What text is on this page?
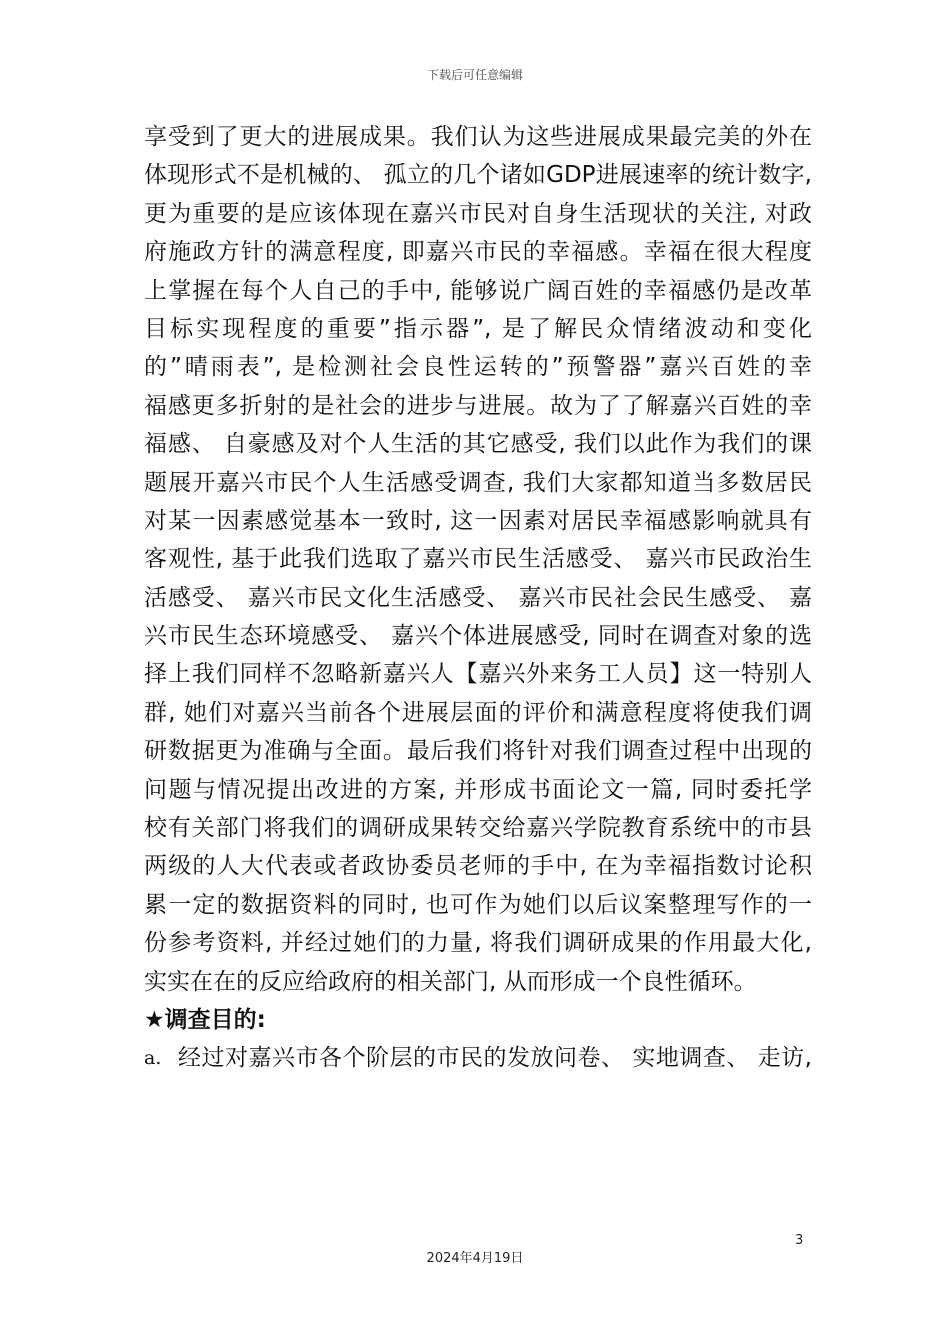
下载后可任意编辑
享受到了更大的进展成果。我们认为这些进展成果最完美的外在
体现形式不是机械的、 孤立的几个诸如GDP进展速率的统计数字,
更为重要的是应该体现在嘉兴市民对自身生活现状的关注, 对政
府施政方针的满意程度, 即嘉兴市民的幸福感。幸福在很大程度
上掌握在每个人自己的手中, 能够说广阔百姓的幸福感仍是改革
目标实现程度的重要”指示器”, 是了解民众情绪波动和变化
的”晴雨表”, 是检测社会良性运转的”预警器”嘉兴百姓的幸
福感更多折射的是社会的进步与进展。故为了了解嘉兴百姓的幸
福感、 自豪感及对个人生活的其它感受, 我们以此作为我们的课
题展开嘉兴市民个人生活感受调查, 我们大家都知道当多数居民
对某一因素感觉基本一致时, 这一因素对居民幸福感影响就具有
客观性, 基于此我们选取了嘉兴市民生活感受、 嘉兴市民政治生
活感受、 嘉兴市民文化生活感受、 嘉兴市民社会民生感受、 嘉
兴市民生态环境感受、 嘉兴个体进展感受, 同时在调查对象的选
择上我们同样不忽略新嘉兴人【嘉兴外来务工人员】这一特别人
群, 她们对嘉兴当前各个进展层面的评价和满意程度将使我们调
研数据更为准确与全面。最后我们将针对我们调查过程中出现的
问题与情况提出改进的方案, 并形成书面论文一篇, 同时委托学
校有关部门将我们的调研成果转交给嘉兴学院教育系统中的市县
两级的人大代表或者政协委员老师的手中, 在为幸福指数讨论积
累一定的数据资料的同时, 也可作为她们以后议案整理写作的一
份参考资料, 并经过她们的力量, 将我们调研成果的作用最大化,
实实在在的反应给政府的相关部门, 从而形成一个良性循环。
★调查目的:
a. 经过对嘉兴市各个阶层的市民的发放问卷、 实地调查、 走访,
3
2024年4月19日
